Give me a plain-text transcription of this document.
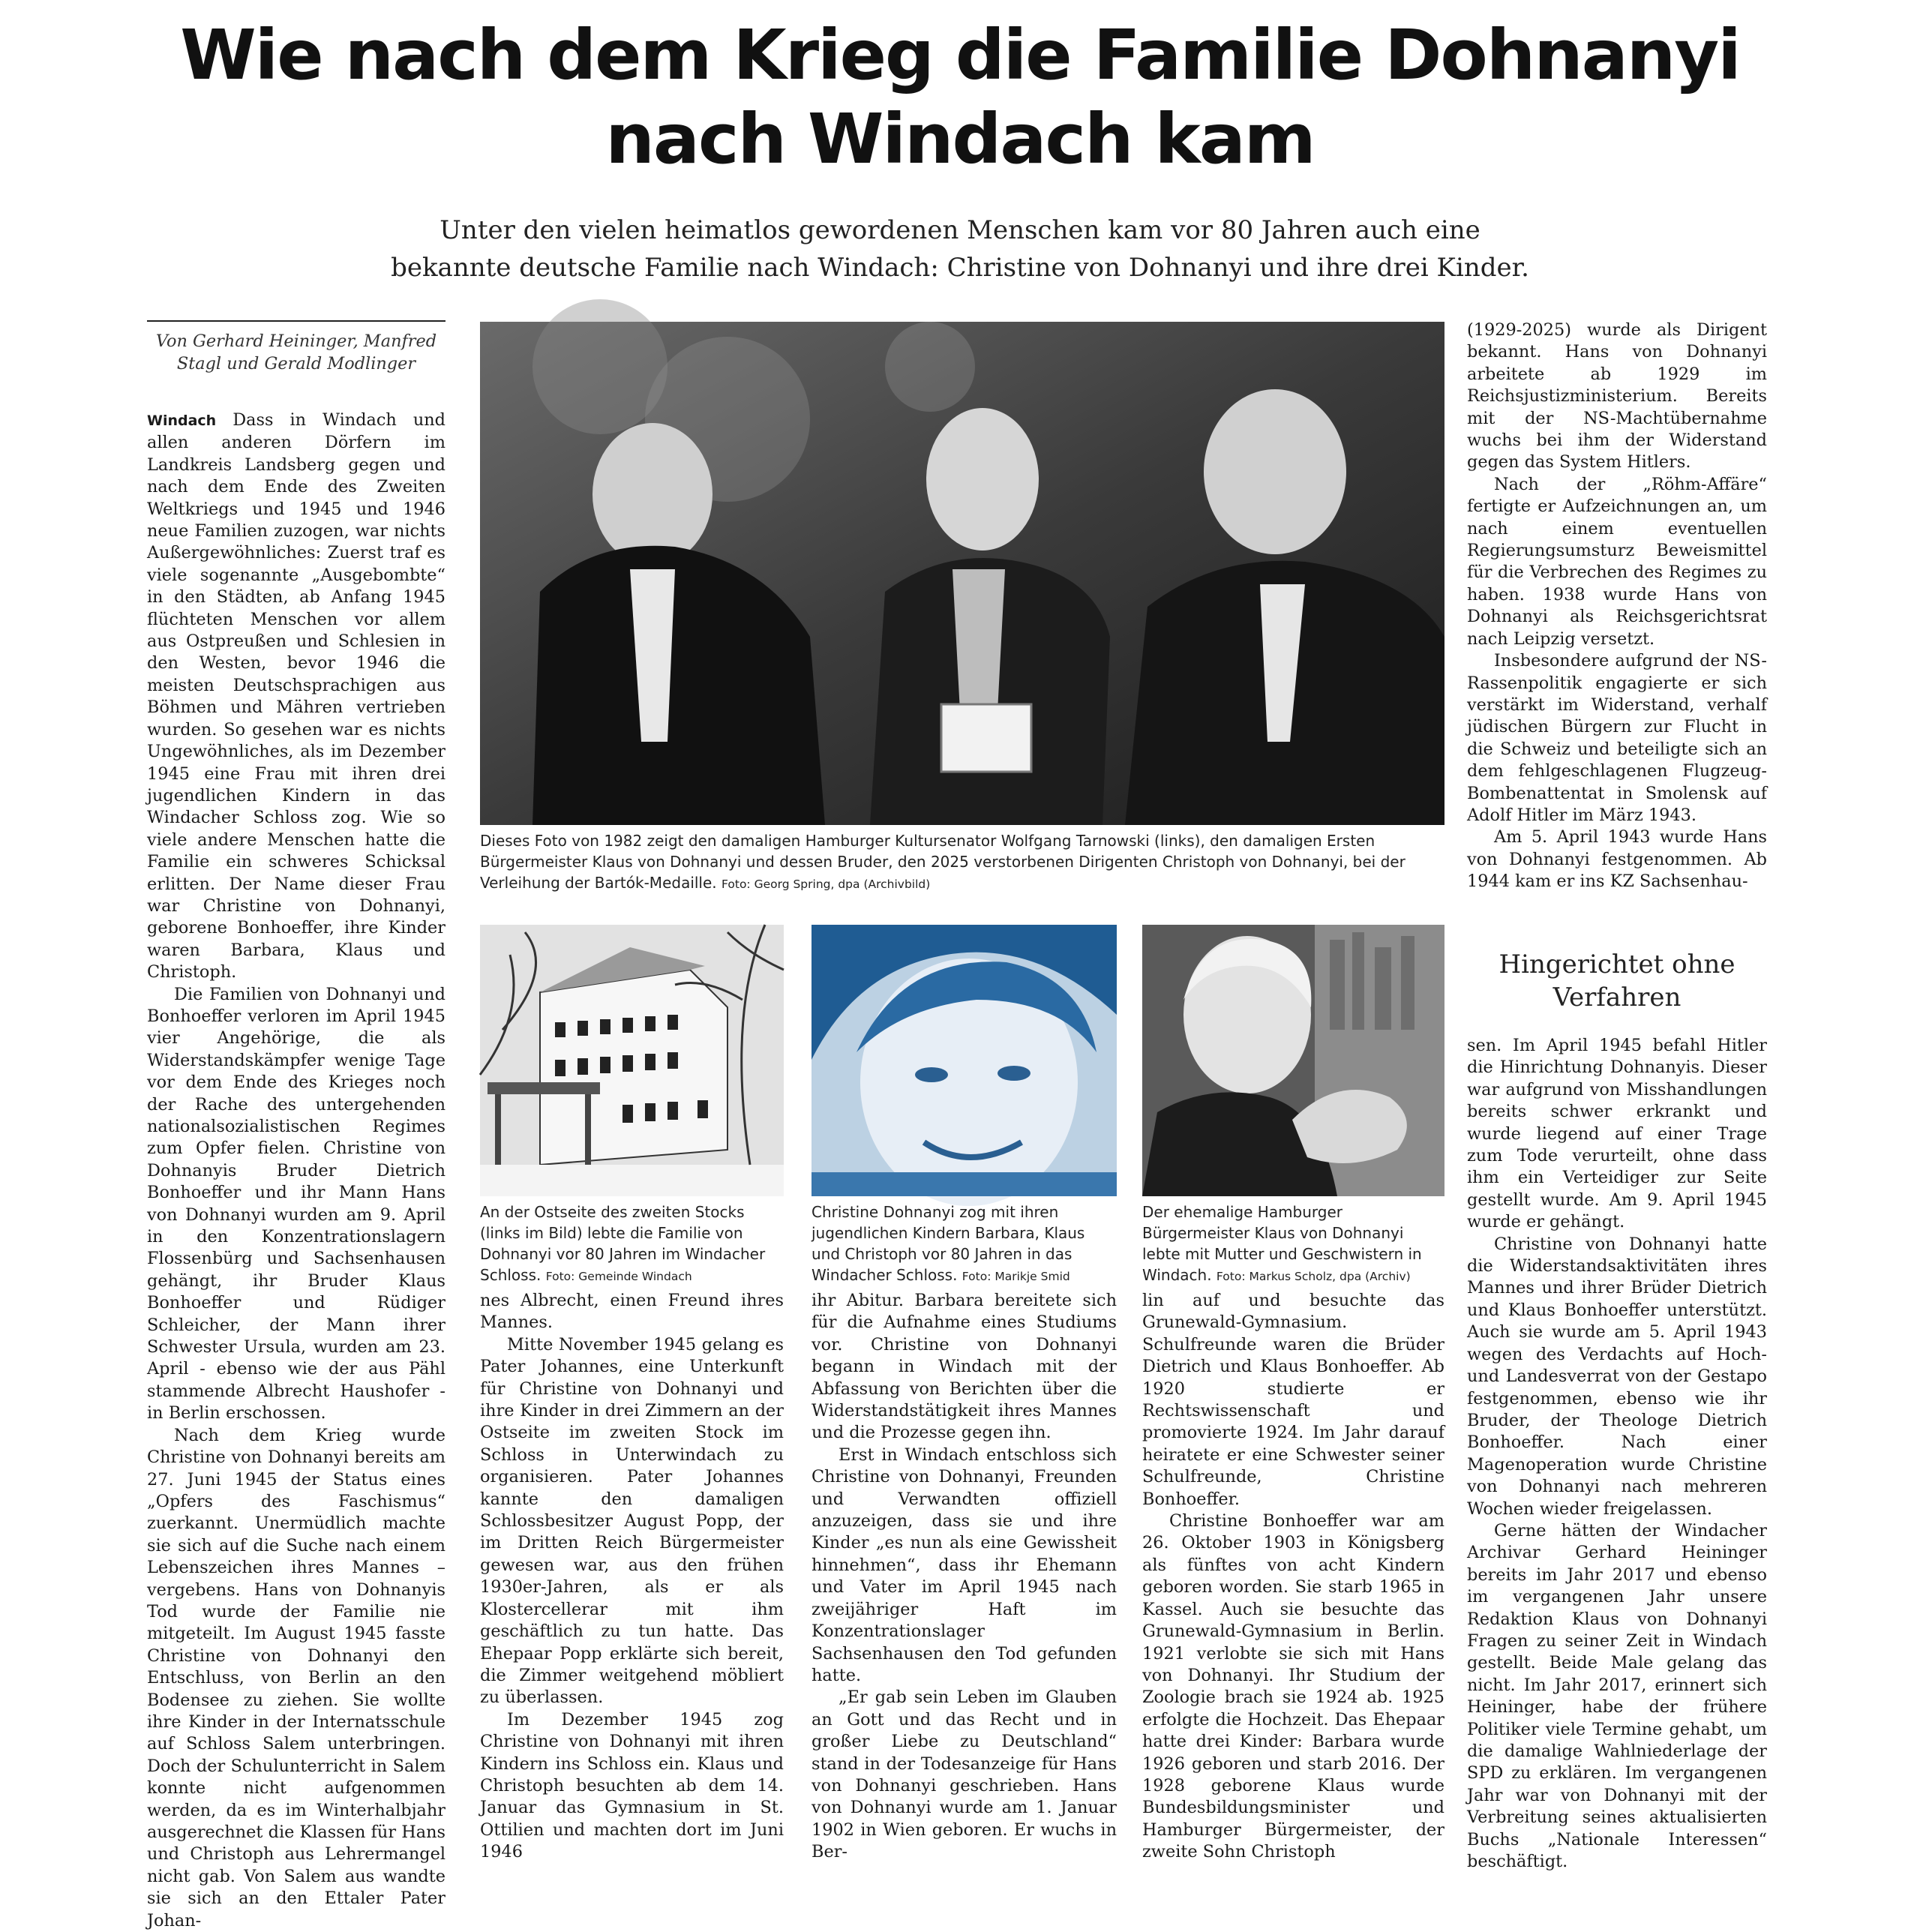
Wie nach dem Krieg die Familie Dohnanyi
nach Windach kam
Unter den vielen heimatlos gewordenen Menschen kam vor 80 Jahren auch eine
bekannte deutsche Familie nach Windach: Christine von Dohnanyi und ihre drei Kinder.
Von Gerhard Heininger, Manfred Stagl und Gerald Modlinger

Windach Dass in Windach und allen anderen Dörfern im Landkreis Landsberg gegen und nach dem Ende des Zweiten Weltkriegs und 1945 und 1946 neue Familien zuzogen, war nichts Außergewöhnliches: Zuerst traf es viele sogenannte „Ausgebombte“ in den Städten, ab Anfang 1945 flüchteten Menschen vor allem aus Ostpreußen und Schlesien in den Westen, bevor 1946 die meisten Deutschsprachigen aus Böhmen und Mähren vertrieben wurden. So gesehen war es nichts Ungewöhnliches, als im Dezember 1945 eine Frau mit ihren drei jugendlichen Kindern in das Windacher Schloss zog. Wie so viele andere Menschen hatte die Familie ein schweres Schicksal erlitten. Der Name dieser Frau war Christine von Dohnanyi, geborene Bonhoeffer, ihre Kinder waren Barbara, Klaus und Christoph.

Die Familien von Dohnanyi und Bonhoeffer verloren im April 1945 vier Angehörige, die als Widerstandskämpfer wenige Tage vor dem Ende des Krieges noch der Rache des untergehenden nationalsozialistischen Regimes zum Opfer fielen. Christine von Dohnanyis Bruder Dietrich Bonhoeffer und ihr Mann Hans von Dohnanyi wurden am 9. April in den Konzentrationslagern Flossenbürg und Sachsenhausen gehängt, ihr Bruder Klaus Bonhoeffer und Rüdiger Schleicher, der Mann ihrer Schwester Ursula, wurden am 23. April - ebenso wie der aus Pähl stammende Albrecht Haushofer - in Berlin erschossen.

Nach dem Krieg wurde Christine von Dohnanyi bereits am 27. Juni 1945 der Status eines „Opfers des Faschismus“ zuerkannt. Unermüdlich machte sie sich auf die Suche nach einem Lebenszeichen ihres Mannes – vergebens. Hans von Dohnanyis Tod wurde der Familie nie mitgeteilt. Im August 1945 fasste Christine von Dohnanyi den Entschluss, von Berlin an den Bodensee zu ziehen. Sie wollte ihre Kinder in der Internatsschule auf Schloss Salem unterbringen. Doch der Schulunterricht in Salem konnte nicht aufgenommen werden, da es im Winterhalbjahr ausgerechnet die Klassen für Hans und Christoph aus Lehrermangel nicht gab. Von Salem aus wandte sie sich an den Ettaler Pater Johan-

Dieses Foto von 1982 zeigt den damaligen Hamburger Kultursenator Wolfgang Tarnowski (links), den damaligen Ersten Bürgermeister Klaus von Dohnanyi und dessen Bruder, den 2025 verstorbenen Dirigenten Christoph von Dohnanyi, bei der Verleihung der Bartók-Medaille. Foto: Georg Spring, dpa (Archivbild)
An der Ostseite des zweiten Stocks (links im Bild) lebte die Familie von Dohnanyi vor 80 Jahren im Windacher Schloss. Foto: Gemeinde Windach
Christine Dohnanyi zog mit ihren jugendlichen Kindern Barbara, Klaus und Christoph vor 80 Jahren in das Windacher Schloss. Foto: Marikje Smid
Der ehemalige Hamburger Bürgermeister Klaus von Dohnanyi lebte mit Mutter und Geschwistern in Windach. Foto: Markus Scholz, dpa (Archiv)

nes Albrecht, einen Freund ihres Mannes.

Mitte November 1945 gelang es Pater Johannes, eine Unterkunft für Christine von Dohnanyi und ihre Kinder in drei Zimmern an der Ostseite im zweiten Stock im Schloss in Unterwindach zu organisieren. Pater Johannes kannte den damaligen Schlossbesitzer August Popp, der im Dritten Reich Bürgermeister gewesen war, aus den frühen 1930er-Jahren, als er als Klostercellerar mit ihm geschäftlich zu tun hatte. Das Ehepaar Popp erklärte sich bereit, die Zimmer weitgehend möbliert zu überlassen.

Im Dezember 1945 zog Christine von Dohnanyi mit ihren Kindern ins Schloss ein. Klaus und Christoph besuchten ab dem 14. Januar das Gymnasium in St. Ottilien und machten dort im Juni 1946

ihr Abitur. Barbara bereitete sich für die Aufnahme eines Studiums vor. Christine von Dohnanyi begann in Windach mit der Abfassung von Berichten über die Widerstandstätigkeit ihres Mannes und die Prozesse gegen ihn.

Erst in Windach entschloss sich Christine von Dohnanyi, Freunden und Verwandten offiziell anzuzeigen, dass sie und ihre Kinder „es nun als eine Gewissheit hinnehmen“, dass ihr Ehemann und Vater im April 1945 nach zweijähriger Haft im Konzentrationslager Sachsenhausen den Tod gefunden hatte.

„Er gab sein Leben im Glauben an Gott und das Recht und in großer Liebe zu Deutschland“ stand in der Todesanzeige für Hans von Dohnanyi geschrieben. Hans von Dohnanyi wurde am 1. Januar 1902 in Wien geboren. Er wuchs in Ber-

lin auf und besuchte das Grunewald-Gymnasium. Schulfreunde waren die Brüder Dietrich und Klaus Bonhoeffer. Ab 1920 studierte er Rechtswissenschaft und promovierte 1924. Im Jahr darauf heiratete er eine Schwester seiner Schulfreunde, Christine Bonhoeffer.

Christine Bonhoeffer war am 26. Oktober 1903 in Königsberg als fünftes von acht Kindern geboren worden. Sie starb 1965 in Kassel. Auch sie besuchte das Grunewald-Gymnasium in Berlin. 1921 verlobte sie sich mit Hans von Dohnanyi. Ihr Studium der Zoologie brach sie 1924 ab. 1925 erfolgte die Hochzeit. Das Ehepaar hatte drei Kinder: Barbara wurde 1926 geboren und starb 2016. Der 1928 geborene Klaus wurde Bundesbildungsminister und Hamburger Bürgermeister, der zweite Sohn Christoph

(1929-2025) wurde als Dirigent bekannt. Hans von Dohnanyi arbeitete ab 1929 im Reichsjustizministerium. Bereits mit der NS-Machtübernahme wuchs bei ihm der Widerstand gegen das System Hitlers.

Nach der „Röhm-Affäre“ fertigte er Aufzeichnungen an, um nach einem eventuellen Regierungsumsturz Beweismittel für die Verbrechen des Regimes zu haben. 1938 wurde Hans von Dohnanyi als Reichsgerichtsrat nach Leipzig versetzt.

Insbesondere aufgrund der NS-Rassenpolitik engagierte er sich verstärkt im Widerstand, verhalf jüdischen Bürgern zur Flucht in die Schweiz und beteiligte sich an dem fehlgeschlagenen Flugzeug-Bombenattentat in Smolensk auf Adolf Hitler im März 1943.

Am 5. April 1943 wurde Hans von Dohnanyi festgenommen. Ab 1944 kam er ins KZ Sachsenhau-

Hingerichtet ohne Verfahren

sen. Im April 1945 befahl Hitler die Hinrichtung Dohnanyis. Dieser war aufgrund von Misshandlungen bereits schwer erkrankt und wurde liegend auf einer Trage zum Tode verurteilt, ohne dass ihm ein Verteidiger zur Seite gestellt wurde. Am 9. April 1945 wurde er gehängt.

Christine von Dohnanyi hatte die Widerstandsaktivitäten ihres Mannes und ihrer Brüder Dietrich und Klaus Bonhoeffer unterstützt. Auch sie wurde am 5. April 1943 wegen des Verdachts auf Hoch- und Landesverrat von der Gestapo festgenommen, ebenso wie ihr Bruder, der Theologe Dietrich Bonhoeffer. Nach einer Magenoperation wurde Christine von Dohnanyi nach mehreren Wochen wieder freigelassen.

Gerne hätten der Windacher Archivar Gerhard Heininger bereits im Jahr 2017 und ebenso im vergangenen Jahr unsere Redaktion Klaus von Dohnanyi Fragen zu seiner Zeit in Windach gestellt. Beide Male gelang das nicht. Im Jahr 2017, erinnert sich Heininger, habe der frühere Politiker viele Termine gehabt, um die damalige Wahlniederlage der SPD zu erklären. Im vergangenen Jahr war von Dohnanyi mit der Verbreitung seines aktualisierten Buchs „Nationale Interessen“ beschäftigt.
